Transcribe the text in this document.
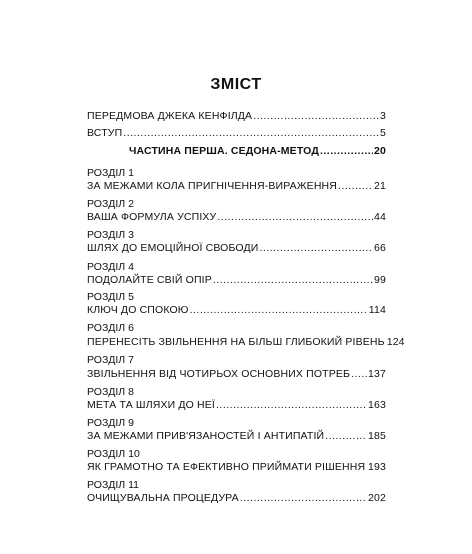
ЗМІСТ
ПЕРЕДМОВА ДЖЕКА КЕНФІЛДА .....	3
ВСТУП .....	5
ЧАСТИНА ПЕРША. СЕДОНА-МЕТОД .....	20
РОЗДІЛ 1
ЗА МЕЖАМИ КОЛА ПРИГНІЧЕННЯ-ВИРАЖЕННЯ .....	21
РОЗДІЛ 2
ВАША ФОРМУЛА УСПІХУ .....	44
РОЗДІЛ 3
ШЛЯХ ДО ЕМОЦІЙНОЇ СВОБОДИ .....	66
РОЗДІЛ 4
ПОДОЛАЙТЕ СВІЙ ОПІР .....	99
РОЗДІЛ 5
КЛЮЧ ДО СПОКОЮ .....	114
РОЗДІЛ 6
ПЕРЕНЕСІТЬ ЗВІЛЬНЕННЯ НА БІЛЬШ ГЛИБОКИЙ РІВЕНЬ 124
РОЗДІЛ 7
ЗВІЛЬНЕННЯ ВІД ЧОТИРЬОХ ОСНОВНИХ ПОТРЕБ ..... 137
РОЗДІЛ 8
МЕТА ТА ШЛЯХИ ДО НЕЇ .....	163
РОЗДІЛ 9
ЗА МЕЖАМИ ПРИВ'ЯЗАНОСТЕЙ І АНТИПАТІЙ .....	185
РОЗДІЛ 10
ЯК ГРАМОТНО ТА ЕФЕКТИВНО ПРИЙМАТИ РІШЕННЯ ..... 193
РОЗДІЛ 11
ОЧИЩУВАЛЬНА ПРОЦЕДУРА .....	202
